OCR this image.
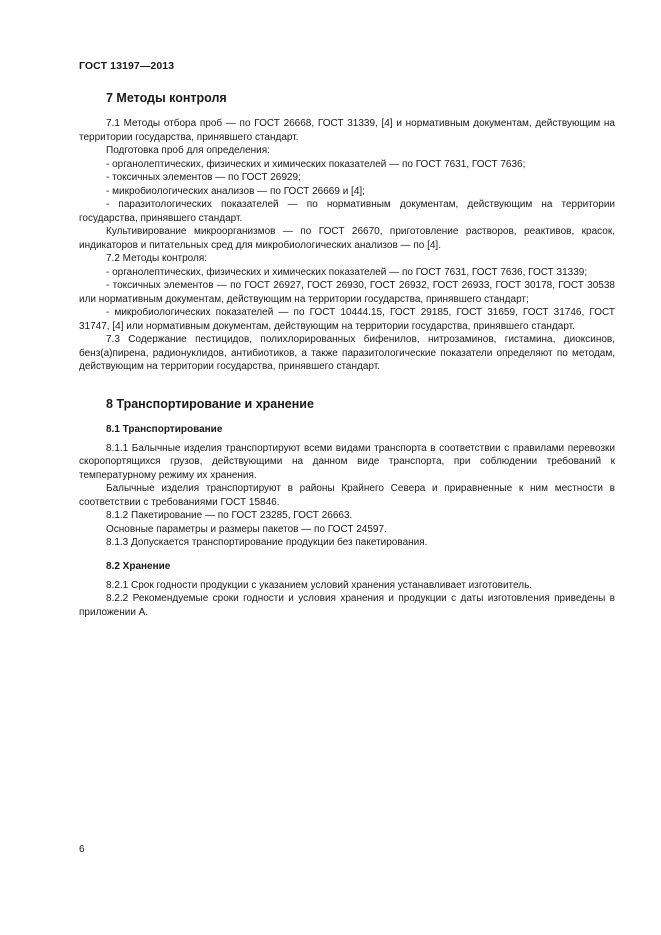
ГОСТ 13197—2013
7 Методы контроля

7.1 Методы отбора проб — по ГОСТ 26668, ГОСТ 31339, [4] и нормативным документам, действующим на территории государства, принявшего стандарт.

Подготовка проб для определения:

- органолептических, физических и химических показателей — по ГОСТ 7631, ГОСТ 7636;

- токсичных элементов — по ГОСТ 26929;

- микробиологических анализов — по ГОСТ 26669 и [4];

- паразитологических показателей — по нормативным документам, действующим на территории государства, принявшего стандарт.

Культивирование микроорганизмов — по ГОСТ 26670, приготовление растворов, реактивов, красок, индикаторов и питательных сред для микробиологических анализов — по [4].

7.2 Методы контроля:

- органолептических, физических и химических показателей — по ГОСТ 7631, ГОСТ 7636, ГОСТ 31339;

- токсичных элементов — по ГОСТ 26927, ГОСТ 26930, ГОСТ 26932, ГОСТ 26933, ГОСТ 30178, ГОСТ 30538 или нормативным документам, действующим на территории государства, принявшего стандарт;

- микробиологических показателей — по ГОСТ 10444.15, ГОСТ 29185, ГОСТ 31659, ГОСТ 31746, ГОСТ 31747, [4] или нормативным документам, действующим на территории государства, принявшего стандарт.

7.3 Содержание пестицидов, полихлорированных бифенилов, нитрозаминов, гистамина, диоксинов, бенз(а)пирена, радионуклидов, антибиотиков, а также паразитологические показатели определяют по методам, действующим на территории государства, принявшего стандарт.

8 Транспортирование и хранение
8.1 Транспортирование

8.1.1 Балычные изделия транспортируют всеми видами транспорта в соответствии с правилами перевозки скоропортящихся грузов, действующими на данном виде транспорта, при соблюдении требований к температурному режиму их хранения.

Балычные изделия транспортируют в районы Крайнего Севера и приравненные к ним местности в соответствии с требованиями ГОСТ 15846.

8.1.2 Пакетирование — по ГОСТ 23285, ГОСТ 26663.

Основные параметры и размеры пакетов — по ГОСТ 24597.

8.1.3 Допускается транспортирование продукции без пакетирования.

8.2 Хранение

8.2.1 Срок годности продукции с указанием условий хранения устанавливает изготовитель.

8.2.2 Рекомендуемые сроки годности и условия хранения и продукции с даты изготовления приведены в приложении А.

6
